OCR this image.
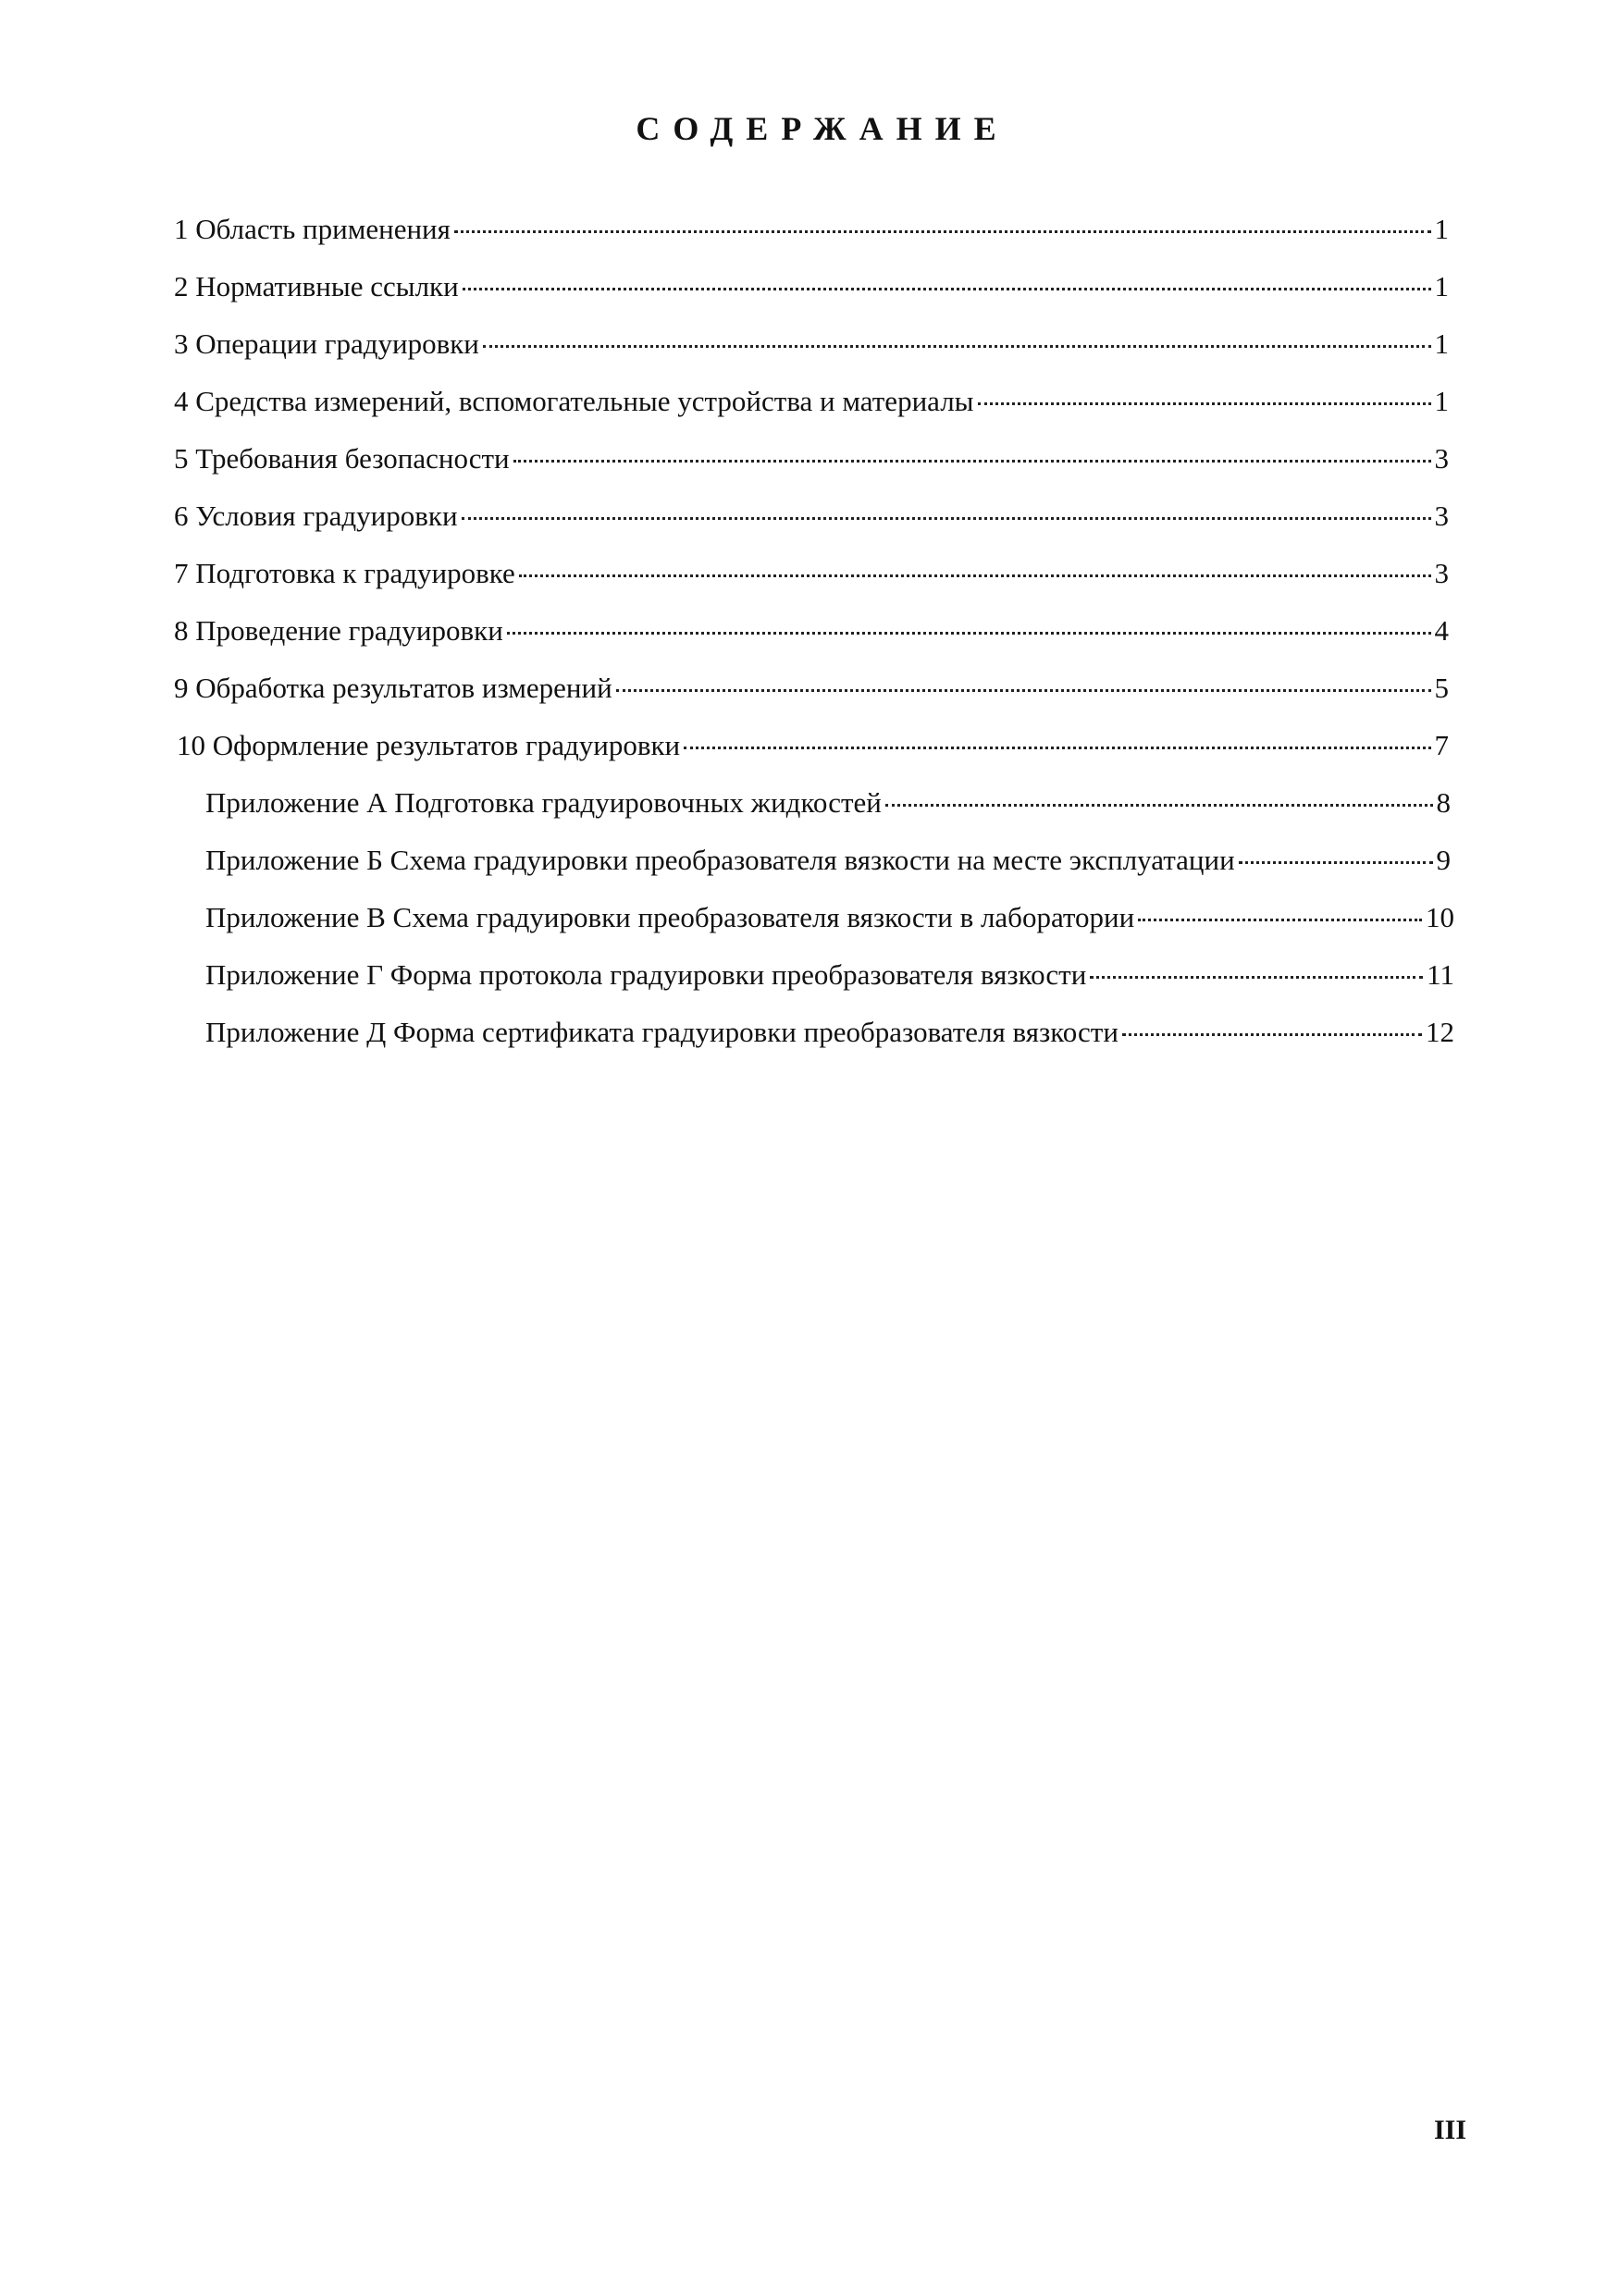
СОДЕРЖАНИЕ
1 Область применения	1
2 Нормативные ссылки	1
3 Операции градуировки	1
4 Средства измерений, вспомогательные устройства и материалы	1
5 Требования безопасности	3
6 Условия градуировки	3
7 Подготовка к градуировке	3
8 Проведение градуировки	4
9 Обработка результатов измерений	5
10 Оформление результатов градуировки	7
Приложение А Подготовка градуировочных жидкостей	8
Приложение Б Схема градуировки преобразователя вязкости на месте эксплуатации	9
Приложение В Схема градуировки преобразователя вязкости в лаборатории	10
Приложение Г Форма протокола градуировки преобразователя вязкости	11
Приложение Д Форма сертификата градуировки преобразователя вязкости	12
III
